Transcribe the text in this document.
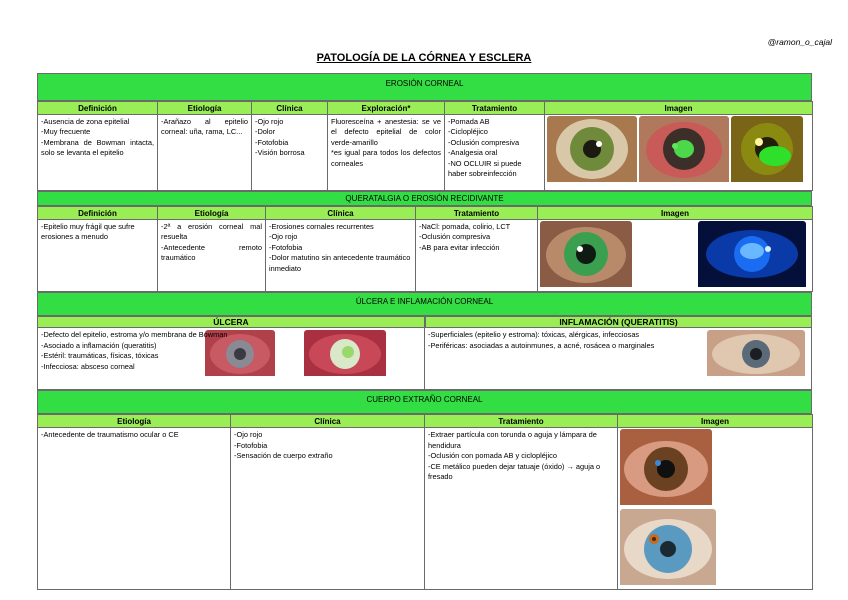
@ramon_o_cajal
PATOLOGÍA DE LA CÓRNEA Y ESCLERA
EROSIÓN CORNEAL
Definición	Etiología	Clínica	Exploración*	Tratamiento	Imagen

-Ausencia de zona epitelial
-Muy frecuente
-Membrana de Bowman intacta, solo se levanta el epitelio	-Arañazo al epitelio corneal: uña, rama, LC...	-Ojo rojo
-Dolor
-Fotofobia
-Visión borrosa	Fluoresceína + anestesia: se ve el defecto epitelial de color verde-amarillo
*es igual para todos los defectos corneales	-Pomada AB
-Ciclopléjico
-Oclusión compresiva
-Analgesia oral
-NO OCLUIR si puede haber sobreinfección

QUERATALGIA O EROSIÓN RECIDIVANTE
Definición	Etiología	Clínica	Tratamiento	Imagen

-Epitelio muy frágil que sufre erosiones a menudo	-2ª a erosión corneal mal resuelta
-Antecedente remoto traumático	-Erosiones cornales recurrentes
-Ojo rojo
-Fotofobia
-Dolor matutino sin antecedente traumático inmediato	-NaCl: pomada, colirio, LCT
-Oclusión compresiva
-AB para evitar infección

ÚLCERA E INFLAMACIÓN CORNEAL
ÚLCERA
-Defecto del epitelio, estroma y/o membrana de Bowman
-Asociado a inflamación (queratitis)
-Estéril: traumáticas, físicas, tóxicas
-Infecciosa: absceso corneal
INFLAMACIÓN (QUERATITIS)
-Superficiales (epitelio y estroma): tóxicas, alérgicas, infecciosas
-Periféricas: asociadas a autoinmunes, a acné, rosácea o marginales
CUERPO EXTRAÑO CORNEAL
Etiología	Clínica	Tratamiento	Imagen

-Antecedente de traumatismo ocular o CE	-Ojo rojo
-Fotofobia
-Sensación de cuerpo extraño	-Extraer partícula con torunda o aguja y lámpara de hendidura
-Oclusión con pomada AB y ciclopléjico
-CE metálico pueden dejar tatuaje (óxido) → aguja o fresado
